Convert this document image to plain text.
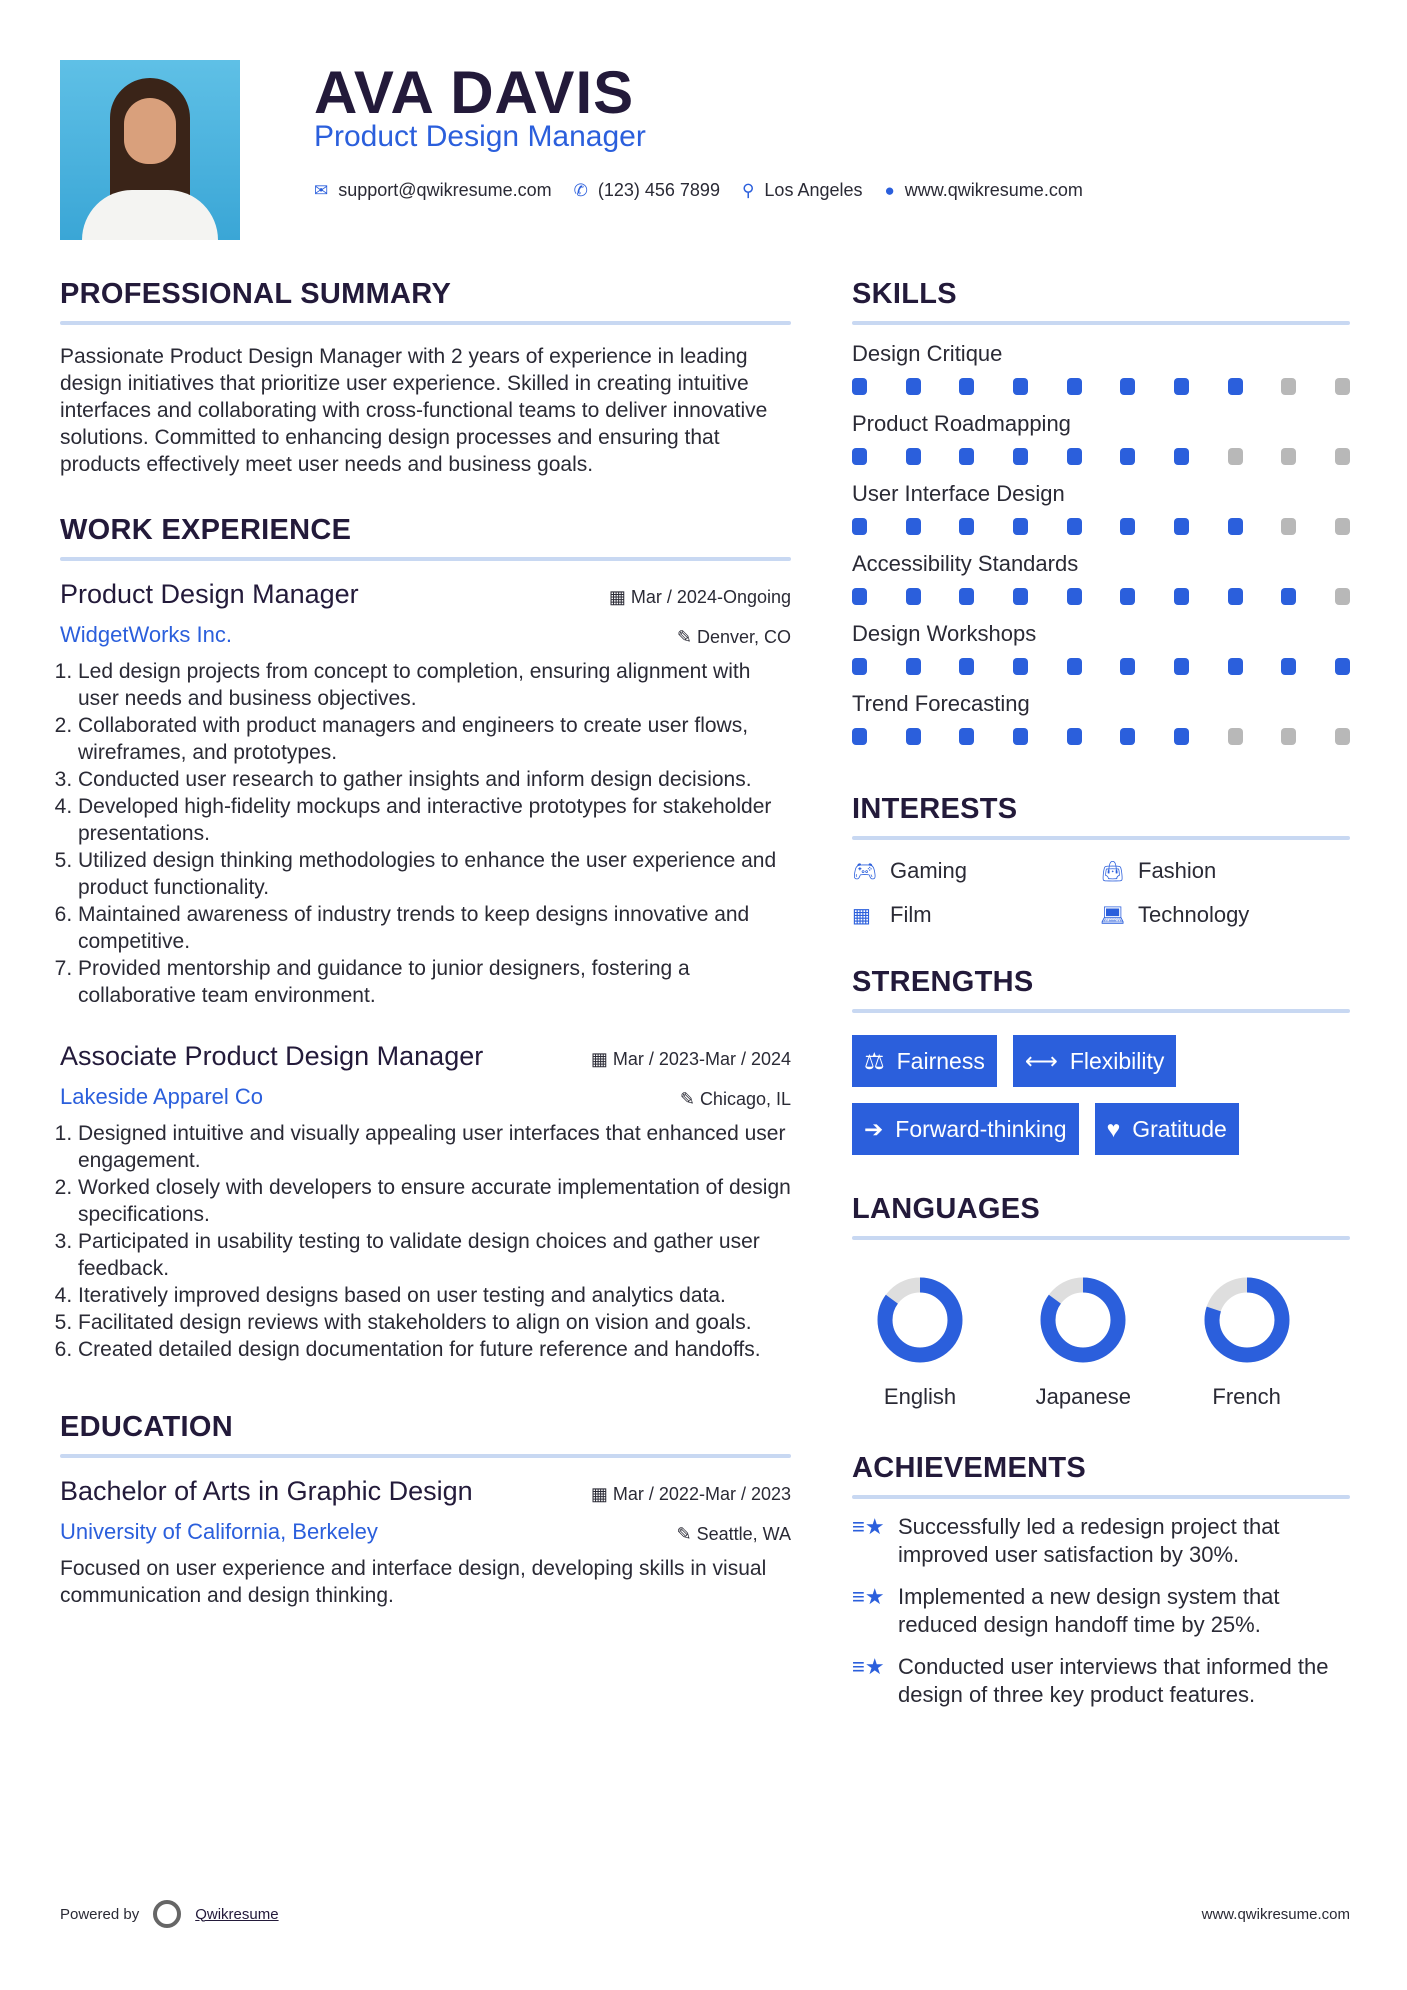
AVA DAVIS
Product Design Manager
✉ support@qwikresume.com ✆ (123) 456 7899 ⚲ Los Angeles ● www.qwikresume.com
PROFESSIONAL SUMMARY

Passionate Product Design Manager with 2 years of experience in leading design initiatives that prioritize user experience. Skilled in creating intuitive interfaces and collaborating with cross-functional teams to deliver innovative solutions. Committed to enhancing design processes and ensuring that products effectively meet user needs and business goals.

WORK EXPERIENCE
Product Design Manager	▦ Mar / 2024-Ongoing
✎ Denver, CO
WidgetWorks Inc.
1. Led design projects from concept to completion, ensuring alignment with user needs and business objectives.
2. Collaborated with product managers and engineers to create user flows, wireframes, and prototypes.
3. Conducted user research to gather insights and inform design decisions.
4. Developed high-fidelity mockups and interactive prototypes for stakeholder presentations.
5. Utilized design thinking methodologies to enhance the user experience and product functionality.
6. Maintained awareness of industry trends to keep designs innovative and competitive.
7. Provided mentorship and guidance to junior designers, fostering a collaborative team environment.
Associate Product Design Manager	▦ Mar / 2023-Mar / 2024
✎ Chicago, IL
Lakeside Apparel Co
1. Designed intuitive and visually appealing user interfaces that enhanced user engagement.
2. Worked closely with developers to ensure accurate implementation of design specifications.
3. Participated in usability testing to validate design choices and gather user feedback.
4. Iteratively improved designs based on user testing and analytics data.
5. Facilitated design reviews with stakeholders to align on vision and goals.
6. Created detailed design documentation for future reference and handoffs.
EDUCATION
Bachelor of Arts in Graphic Design	▦ Mar / 2022-Mar / 2023
✎ Seattle, WA
University of California, Berkeley

Focused on user experience and interface design, developing skills in visual communication and design thinking.

SKILLS
Design Critique
Product Roadmapping
User Interface Design
Accessibility Standards
Design Workshops
Trend Forecasting
INTERESTS
🎮︎ Gaming	👜︎ Fashion
▦ Film	💻︎ Technology
STRENGTHS
⚖ Fairness ⟷ Flexibility
➔ Forward-thinking ♥ Gratitude
LANGUAGES
English	Japanese	French
ACHIEVEMENTS
≡★ Successfully led a redesign project that improved user satisfaction by 30%.
≡★ Implemented a new design system that reduced design handoff time by 25%.
≡★ Conducted user interviews that informed the design of three key product features.
Powered by	Qwikresume	www.qwikresume.com
